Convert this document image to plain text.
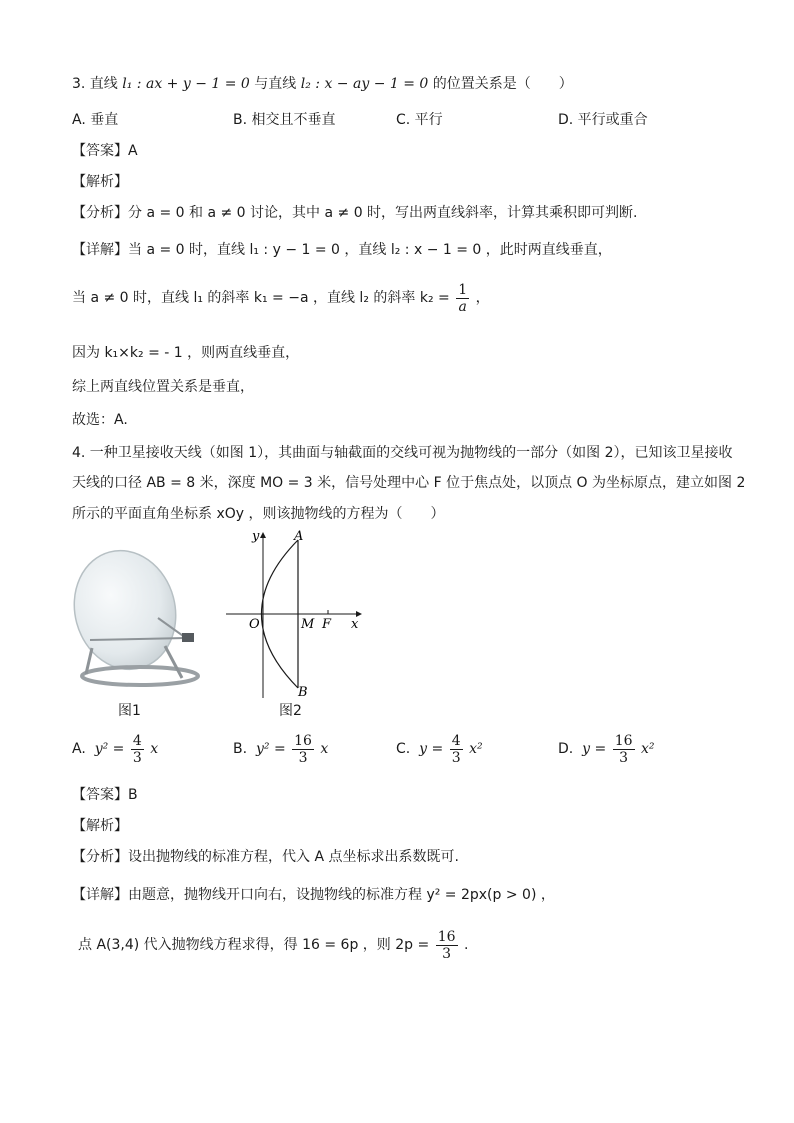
3. 直线 l₁ : ax + y − 1 = 0 与直线 l₂ : x − ay − 1 = 0 的位置关系是（　　）
A. 垂直	B. 相交且不垂直	C. 平行	D. 平行或重合
【答案】A
【解析】
【分析】分 a = 0 和 a ≠ 0 讨论，其中 a ≠ 0 时，写出两直线斜率，计算其乘积即可判断.
【详解】当 a = 0 时，直线 l₁ : y − 1 = 0 ，直线 l₂ : x − 1 = 0 ，此时两直线垂直，
当 a ≠ 0 时，直线 l₁ 的斜率 k₁ = −a ，直线 l₂ 的斜率 $k_2 = \frac{1}{a}$ ，
因为 k₁×k₂ = - 1 ，则两直线垂直，
综上两直线位置关系是垂直，
故选：A.
4. 一种卫星接收天线（如图 1），其曲面与轴截面的交线可视为抛物线的一部分（如图 2），已知该卫星接收
天线的口径 AB = 8 米，深度 MO = 3 米，信号处理中心 F 位于焦点处，以顶点 O 为坐标原点，建立如图 2
所示的平面直角坐标系 xOy ，则该抛物线的方程为（　　）
图1
y	A
O	M F x
B
图2
A. $y^2 = \frac{4}{3}$ x	B. $y^2 = \frac{16}{3}$ x	C. $y = \frac{4}{3} x^2$	D. $y = \frac{16}{3} x^2$
【答案】B
【解析】
【分析】设出抛物线的标准方程，代入 A 点坐标求出系数既可.
【详解】由题意，抛物线开口向右，设抛物线的标准方程 y² = 2px(p > 0) ，
点 A(3,4) 代入抛物线方程求得，得 16 = 6p ，则 $2p = \frac{16}{3}$ .
